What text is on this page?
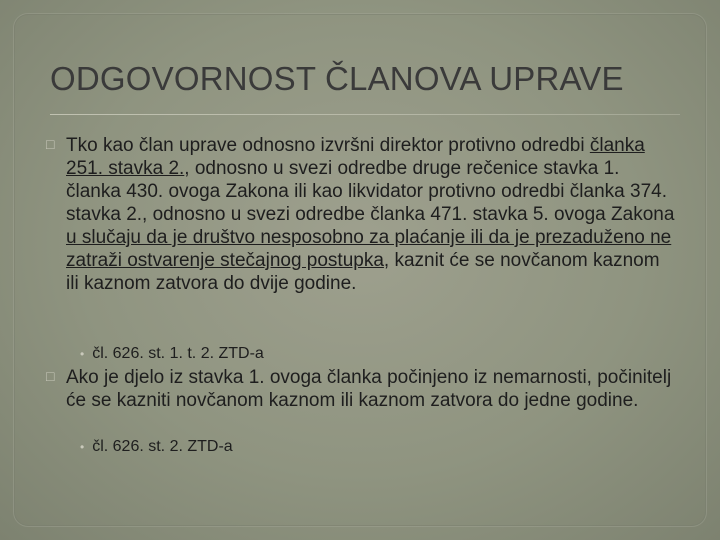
ODGOVORNOST ČLANOVA UPRAVE
□ Tko kao član uprave odnosno izvršni direktor protivno odredbi članka 251. stavka 2., odnosno u svezi odredbe druge rečenice stavka 1. članka 430. ovoga Zakona ili kao likvidator protivno odredbi članka 374. stavka 2., odnosno u svezi odredbe članka 471. stavka 5. ovoga Zakona u slučaju da je društvo nesposobno za plaćanje ili da je prezaduženo ne zatraži ostvarenje stečajnog postupka, kaznit će se novčanom kaznom ili kaznom zatvora do dvije godine.
• čl. 626. st. 1. t. 2. ZTD-a
□ Ako je djelo iz stavka 1. ovoga članka počinjeno iz nemarnosti, počinitelj će se kazniti novčanom kaznom ili kaznom zatvora do jedne godine.
• čl. 626. st. 2. ZTD-a
